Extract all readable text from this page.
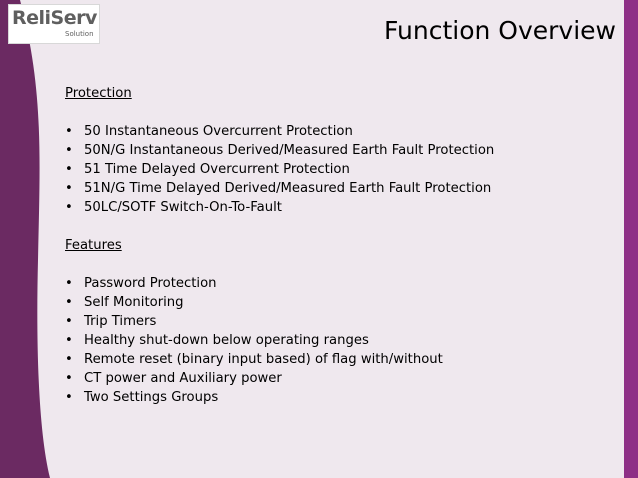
ReliServ
Solution	Function Overview
Protection
• 50 Instantaneous Overcurrent Protection
• 50N/G Instantaneous Derived/Measured Earth Fault Protection
• 51 Time Delayed Overcurrent Protection
• 51N/G Time Delayed Derived/Measured Earth Fault Protection
• 50LC/SOTF Switch-On-To-Fault
Features
• Password Protection
• Self Monitoring
• Trip Timers
• Healthy shut-down below operating ranges
• Remote reset (binary input based) of flag with/without
• CT power and Auxiliary power
• Two Settings Groups
